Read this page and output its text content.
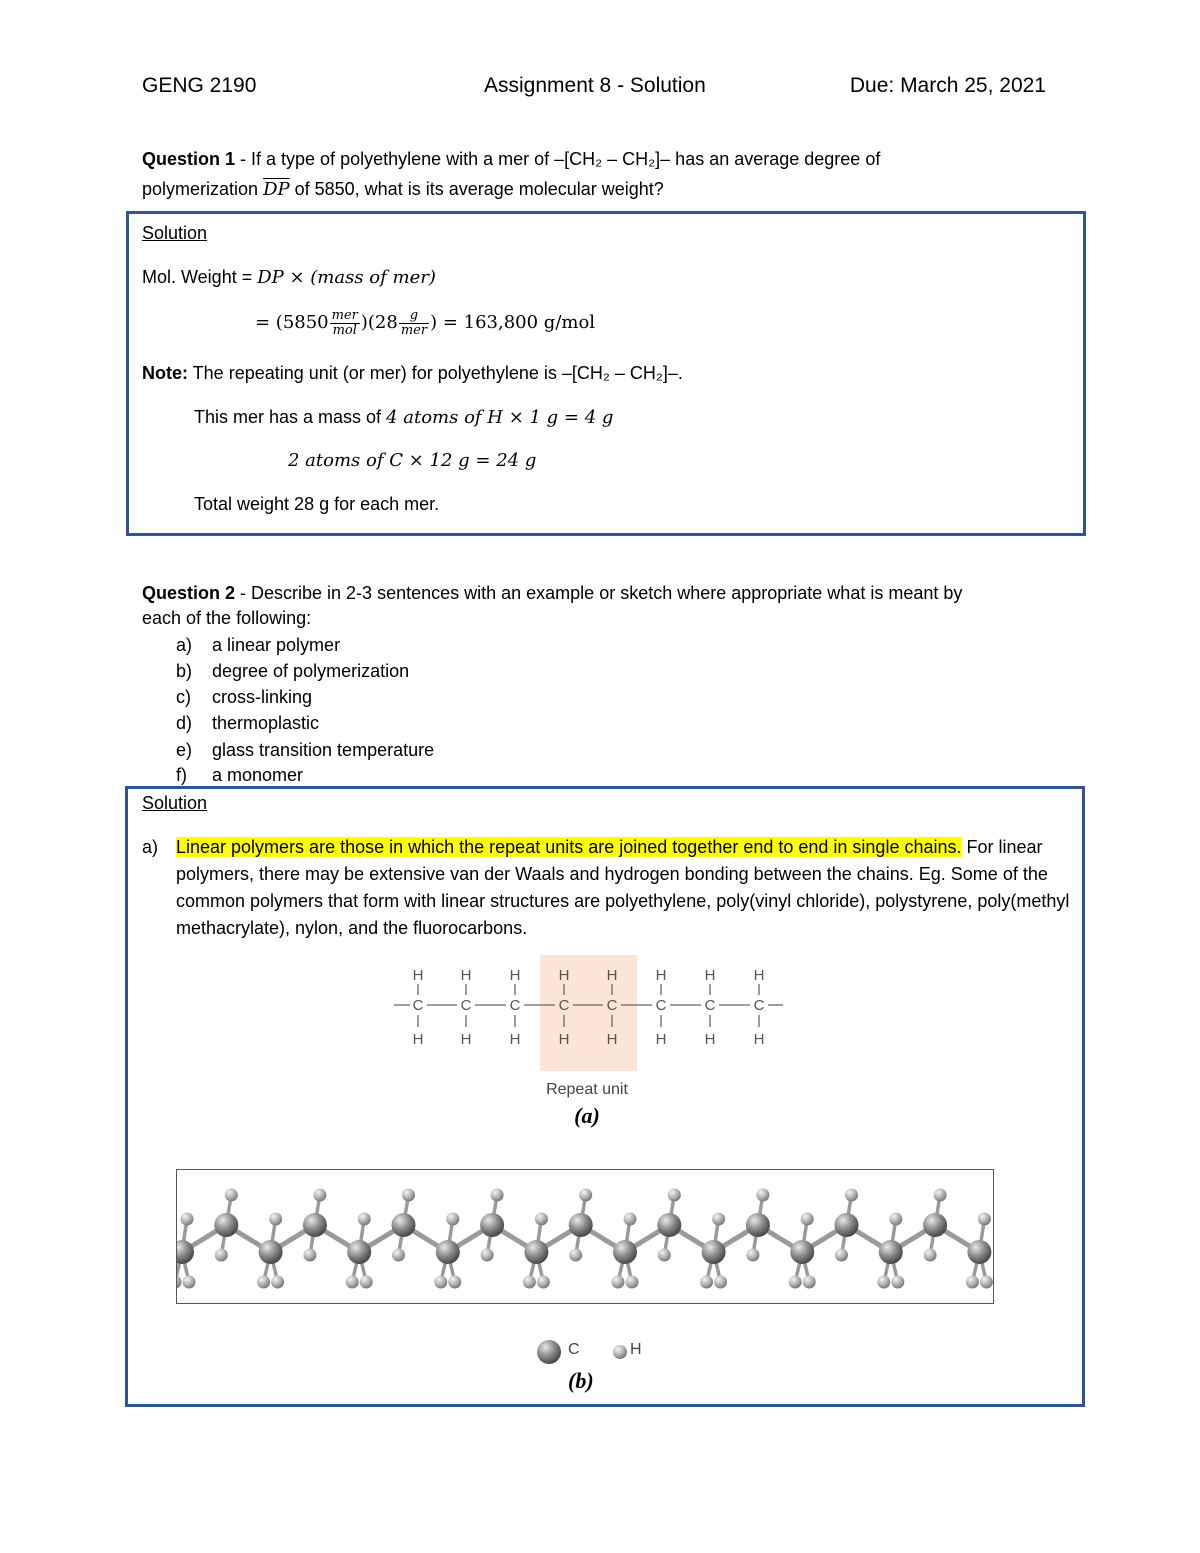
GENG 2190	Assignment 8 - Solution	Due: March 25, 2021
Question 1 - If a type of polyethylene with a mer of –[CH₂ – CH₂]– has an average degree of
polymerization $\overline{DP}$ of 5850, what is its average molecular weight?
Solution
Mol. Weight = DP × (mass of mer)
= $(5850 \frac{\text{mer}}{\text{mol}} )(28 \frac{g}{\text{mer}}$ ) = 163,800 g/mol
Note: The repeating unit (or mer) for polyethylene is –[CH₂ – CH₂]–.
This mer has a mass of 4 atoms of H × 1 g = 4 g
2 atoms of C × 12 g = 24 g
Total weight 28 g for each mer.
Question 2 - Describe in 2-3 sentences with an example or sketch where appropriate what is meant by
each of the following:
a) a linear polymer
b) degree of polymerization
c) cross-linking
d) thermoplastic
e) glass transition temperature
f) a monomer
Solution
a) Linear polymers are those in which the repeat units are joined together end to end in single chains. For linear polymers, there may be extensive van der Waals and hydrogen bonding between the chains. Eg. Some of the common polymers that form with linear structures are polyethylene, poly(vinyl chloride), polystyrene, poly(methyl methacrylate), nylon, and the fluorocarbons.
H
C
H
H
C
H
H
C
H
H
C
H
H
C
H
H
C
H
H
C
H
H
C
H
Repeat unit
(a)
C	H
(b)
